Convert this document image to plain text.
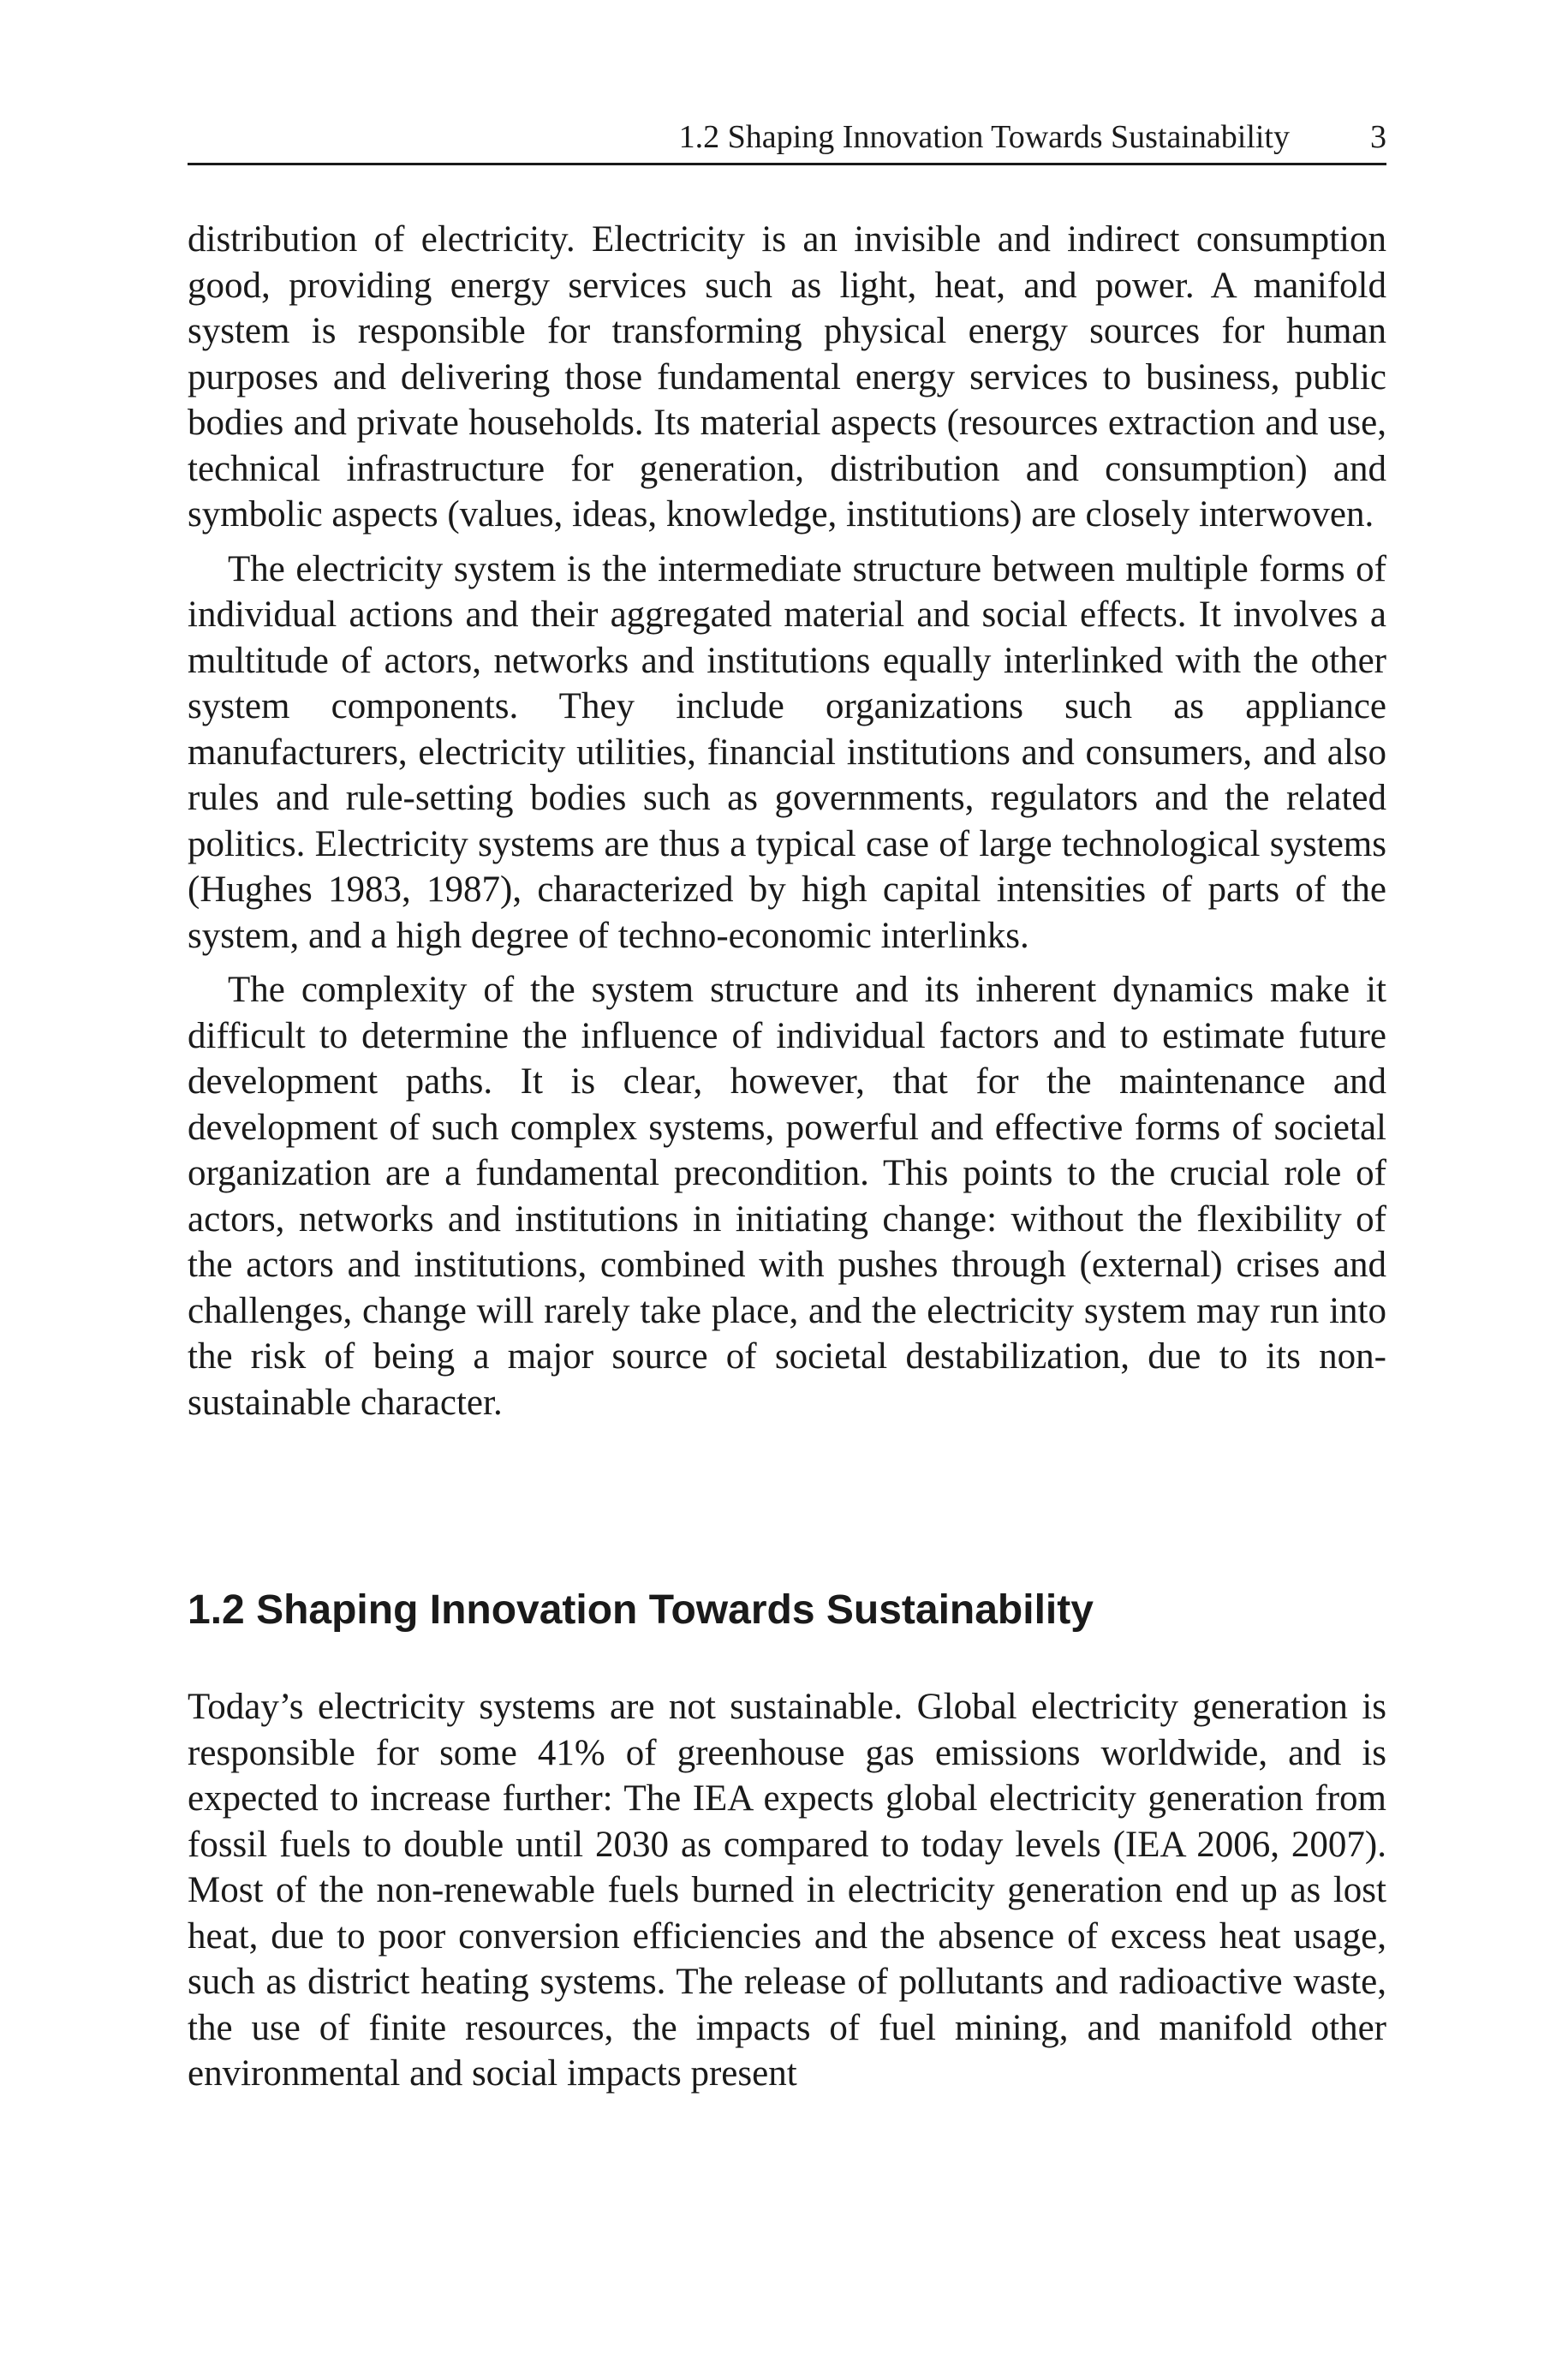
1.2 Shaping Innovation Towards Sustainability 3

distribution of electricity. Electricity is an invisible and indirect consumption good, providing energy services such as light, heat, and power. A manifold system is responsible for transforming physical energy sources for human purposes and delivering those fundamental energy services to business, public bodies and private households. Its material aspects (resources extraction and use, technical infrastructure for generation, distribution and consumption) and symbolic aspects (values, ideas, knowledge, institutions) are closely interwoven.

The electricity system is the intermediate structure between multiple forms of individual actions and their aggregated material and social effects. It involves a multitude of actors, networks and institutions equally interlinked with the other system components. They include organizations such as appliance manufacturers, electricity utilities, financial institutions and consumers, and also rules and rule-setting bodies such as governments, regulators and the related politics. Electricity systems are thus a typical case of large technological systems (Hughes 1983, 1987), characterized by high capital intensities of parts of the system, and a high degree of techno-economic interlinks.

The complexity of the system structure and its inherent dynamics make it difficult to determine the influence of individual factors and to estimate future development paths. It is clear, however, that for the maintenance and development of such complex systems, powerful and effective forms of societal organization are a fundamental precondition. This points to the crucial role of actors, networks and institutions in initiating change: without the flexibility of the actors and institutions, combined with pushes through (external) crises and challenges, change will rarely take place, and the electricity system may run into the risk of being a major source of societal destabilization, due to its non-sustainable character.

1.2 Shaping Innovation Towards Sustainability

Today’s electricity systems are not sustainable. Global electricity generation is responsible for some 41% of greenhouse gas emissions worldwide, and is expected to increase further: The IEA expects global electricity generation from fossil fuels to double until 2030 as compared to today levels (IEA 2006, 2007). Most of the non-renewable fuels burned in electricity generation end up as lost heat, due to poor conversion efficiencies and the absence of excess heat usage, such as district heating systems. The release of pollutants and radioactive waste, the use of finite resources, the impacts of fuel mining, and manifold other environmental and social impacts present
